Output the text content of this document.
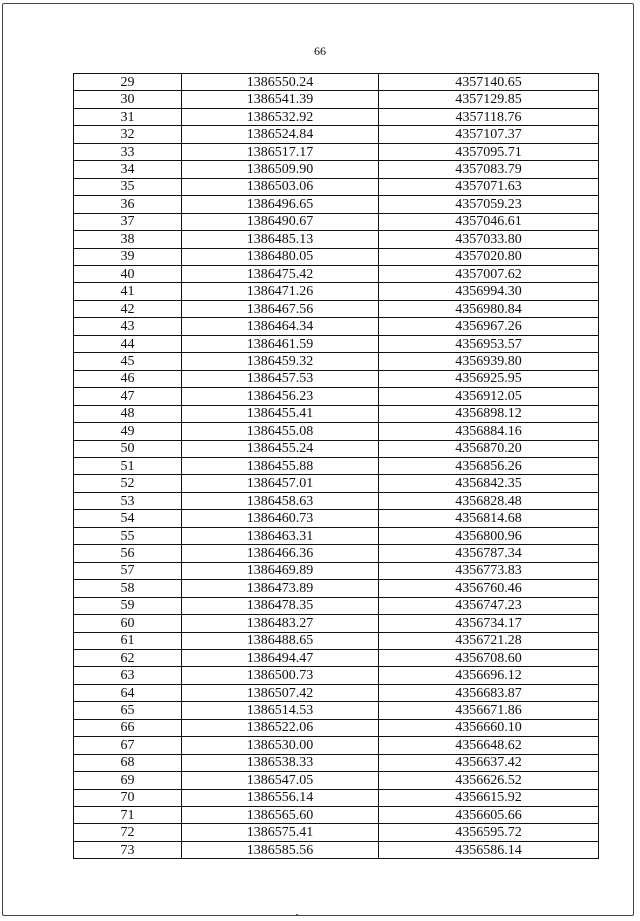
66
29	1386550.24	4357140.65
30	1386541.39	4357129.85
31	1386532.92	4357118.76
32	1386524.84	4357107.37
33	1386517.17	4357095.71
34	1386509.90	4357083.79
35	1386503.06	4357071.63
36	1386496.65	4357059.23
37	1386490.67	4357046.61
38	1386485.13	4357033.80
39	1386480.05	4357020.80
40	1386475.42	4357007.62
41	1386471.26	4356994.30
42	1386467.56	4356980.84
43	1386464.34	4356967.26
44	1386461.59	4356953.57
45	1386459.32	4356939.80
46	1386457.53	4356925.95
47	1386456.23	4356912.05
48	1386455.41	4356898.12
49	1386455.08	4356884.16
50	1386455.24	4356870.20
51	1386455.88	4356856.26
52	1386457.01	4356842.35
53	1386458.63	4356828.48
54	1386460.73	4356814.68
55	1386463.31	4356800.96
56	1386466.36	4356787.34
57	1386469.89	4356773.83
58	1386473.89	4356760.46
59	1386478.35	4356747.23
60	1386483.27	4356734.17
61	1386488.65	4356721.28
62	1386494.47	4356708.60
63	1386500.73	4356696.12
64	1386507.42	4356683.87
65	1386514.53	4356671.86
66	1386522.06	4356660.10
67	1386530.00	4356648.62
68	1386538.33	4356637.42
69	1386547.05	4356626.52
70	1386556.14	4356615.92
71	1386565.60	4356605.66
72	1386575.41	4356595.72
73	1386585.56	4356586.14
